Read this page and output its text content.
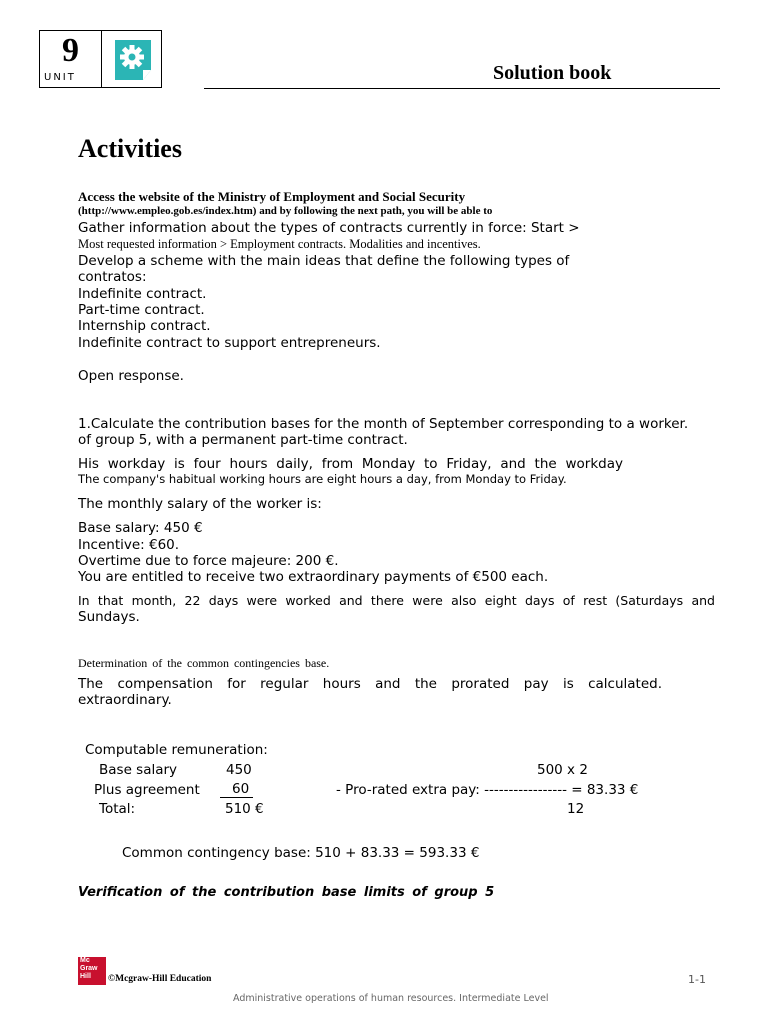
9
UNIT	Solution book
Activities
Access the website of the Ministry of Employment and Social Security
(http://www.empleo.gob.es/index.htm) and by following the next path, you will be able to
Gather information about the types of contracts currently in force: Start >
Most requested information > Employment contracts. Modalities and incentives.
Develop a scheme with the main ideas that define the following types of
contratos:
Indefinite contract.
Part-time contract.
Internship contract.
Indefinite contract to support entrepreneurs.
Open response.
1.Calculate the contribution bases for the month of September corresponding to a worker.
of group 5, with a permanent part-time contract.
His workday is four hours daily, from Monday to Friday, and the workday
The company's habitual working hours are eight hours a day, from Monday to Friday.
The monthly salary of the worker is:
Base salary: 450 €
Incentive: €60.
Overtime due to force majeure: 200 €.
You are entitled to receive two extraordinary payments of €500 each.
In that month, 22 days were worked and there were also eight days of rest (Saturdays and
Sundays.
Determination of the common contingencies base.
The compensation for regular hours and the prorated pay is calculated.
extraordinary.
Computable remuneration:
Base salary	450
Plus agreement	60
Total:	510 €
500 x 2
- Pro-rated extra pay: ----------------- = 83.33 €
12
Common contingency base: 510 + 83.33 = 593.33 €
Verification of the contribution base limits of group 5
Mc
Graw
Hill	©Mcgraw-Hill Education	1-1
Administrative operations of human resources. Intermediate Level
